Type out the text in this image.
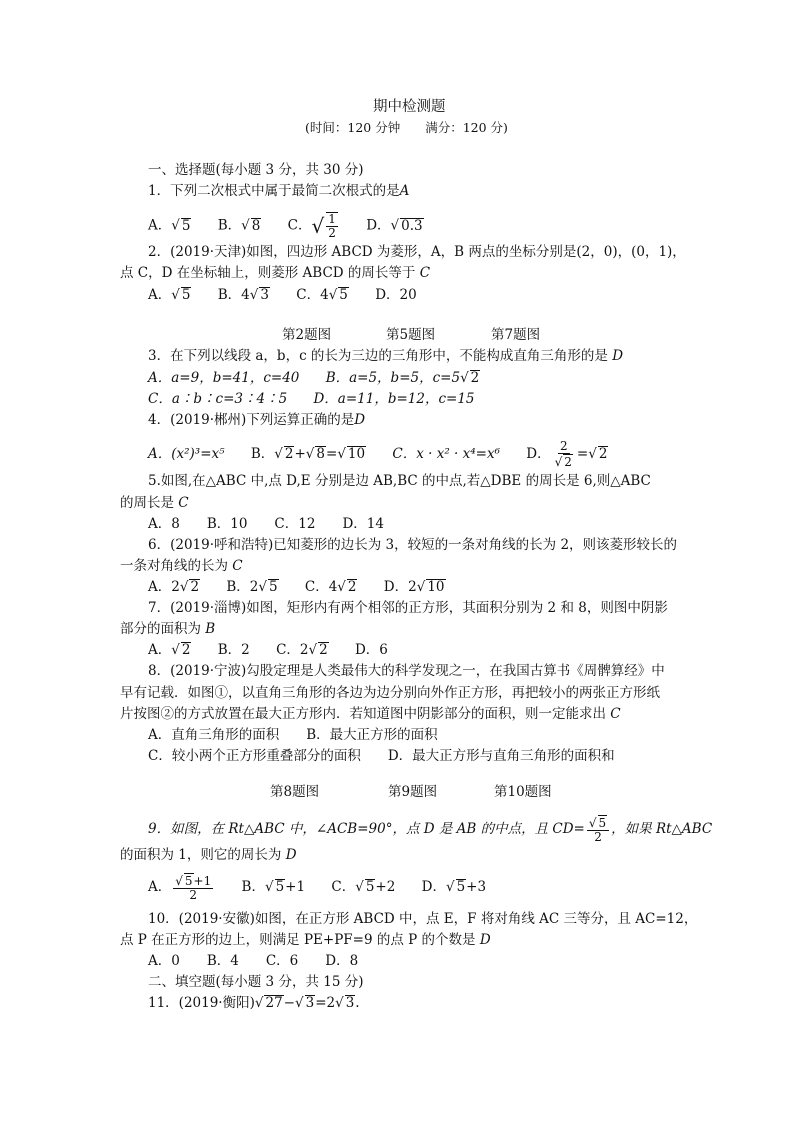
期中检测题
(时间：120 分钟　　满分：120 分)
一、选择题(每小题 3 分，共 30 分)
1．下列二次根式中属于最简二次根式的是A
A．√ 5 B．√ 8 C．√ $\frac{1}{2}$ D．√ 0.3
2．(2019·天津)如图，四边形 ABCD 为菱形，A，B 两点的坐标分别是(2，0)，(0，1)，
点 C，D 在坐标轴上，则菱形 ABCD 的周长等于 C
A．√ 5 B．4√ 3 C．4√ 5 D．20
第2题图	第5题图	第7题图
3．在下列以线段 a，b，c 的长为三边的三角形中，不能构成直角三角形的是 D
A．a=9，b=41，c=40 B．a=5，b=5，c=5√ 2
C．a∶b∶c=3∶4∶5 D．a=11，b=12，c=15
4．(2019·郴州)下列运算正确的是D
A．(x²)³=x⁵ B．√ 2+√ 8=√ 10 C．x · x² · x⁴=x⁶ D． $\frac{2}{√ 2}$ =√ 2
5.如图,在△ABC 中,点 D,E 分别是边 AB,BC 的中点,若△DBE 的周长是 6,则△ABC
的周长是 C
A．8　　B．10　　C．12　　D．14
6．(2019·呼和浩特)已知菱形的边长为 3，较短的一条对角线的长为 2，则该菱形较长的
一条对角线的长为 C
A．2√ 2 B．2√ 5 C．4√ 2 D．2√ 10
7．(2019·淄博)如图，矩形内有两个相邻的正方形，其面积分别为 2 和 8，则图中阴影
部分的面积为 B
A．√ 2 B．2 C．2√ 2 D．6
8．(2019·宁波)勾股定理是人类最伟大的科学发现之一，在我国古算书《周髀算经》中
早有记载．如图①，以直角三角形的各边为边分别向外作正方形，再把较小的两张正方形纸
片按图②的方式放置在最大正方形内．若知道图中阴影部分的面积，则一定能求出 C
A．直角三角形的面积　　B．最大正方形的面积
C．较小两个正方形重叠部分的面积　　D．最大正方形与直角三角形的面积和
第8题图	第9题图	第10题图
9．如图，在 Rt△ABC 中，∠ACB=90°，点 D 是 AB 的中点，且 $CD= \frac{√ 5}{2}$ ，如果 Rt△ABC
的面积为 1，则它的周长为 D
A． $\frac{√ 5+1}{2}$ B．√ 5+1 C．√ 5+2 D．√ 5+3
10．(2019·安徽)如图，在正方形 ABCD 中，点 E，F 将对角线 AC 三等分，且 AC=12，
点 P 在正方形的边上，则满足 PE+PF=9 的点 P 的个数是 D
A．0　　B．4　　C．6　　D．8
二、填空题(每小题 3 分，共 15 分)
11．(2019·衡阳)√ 27−√ 3=2√ 3.
